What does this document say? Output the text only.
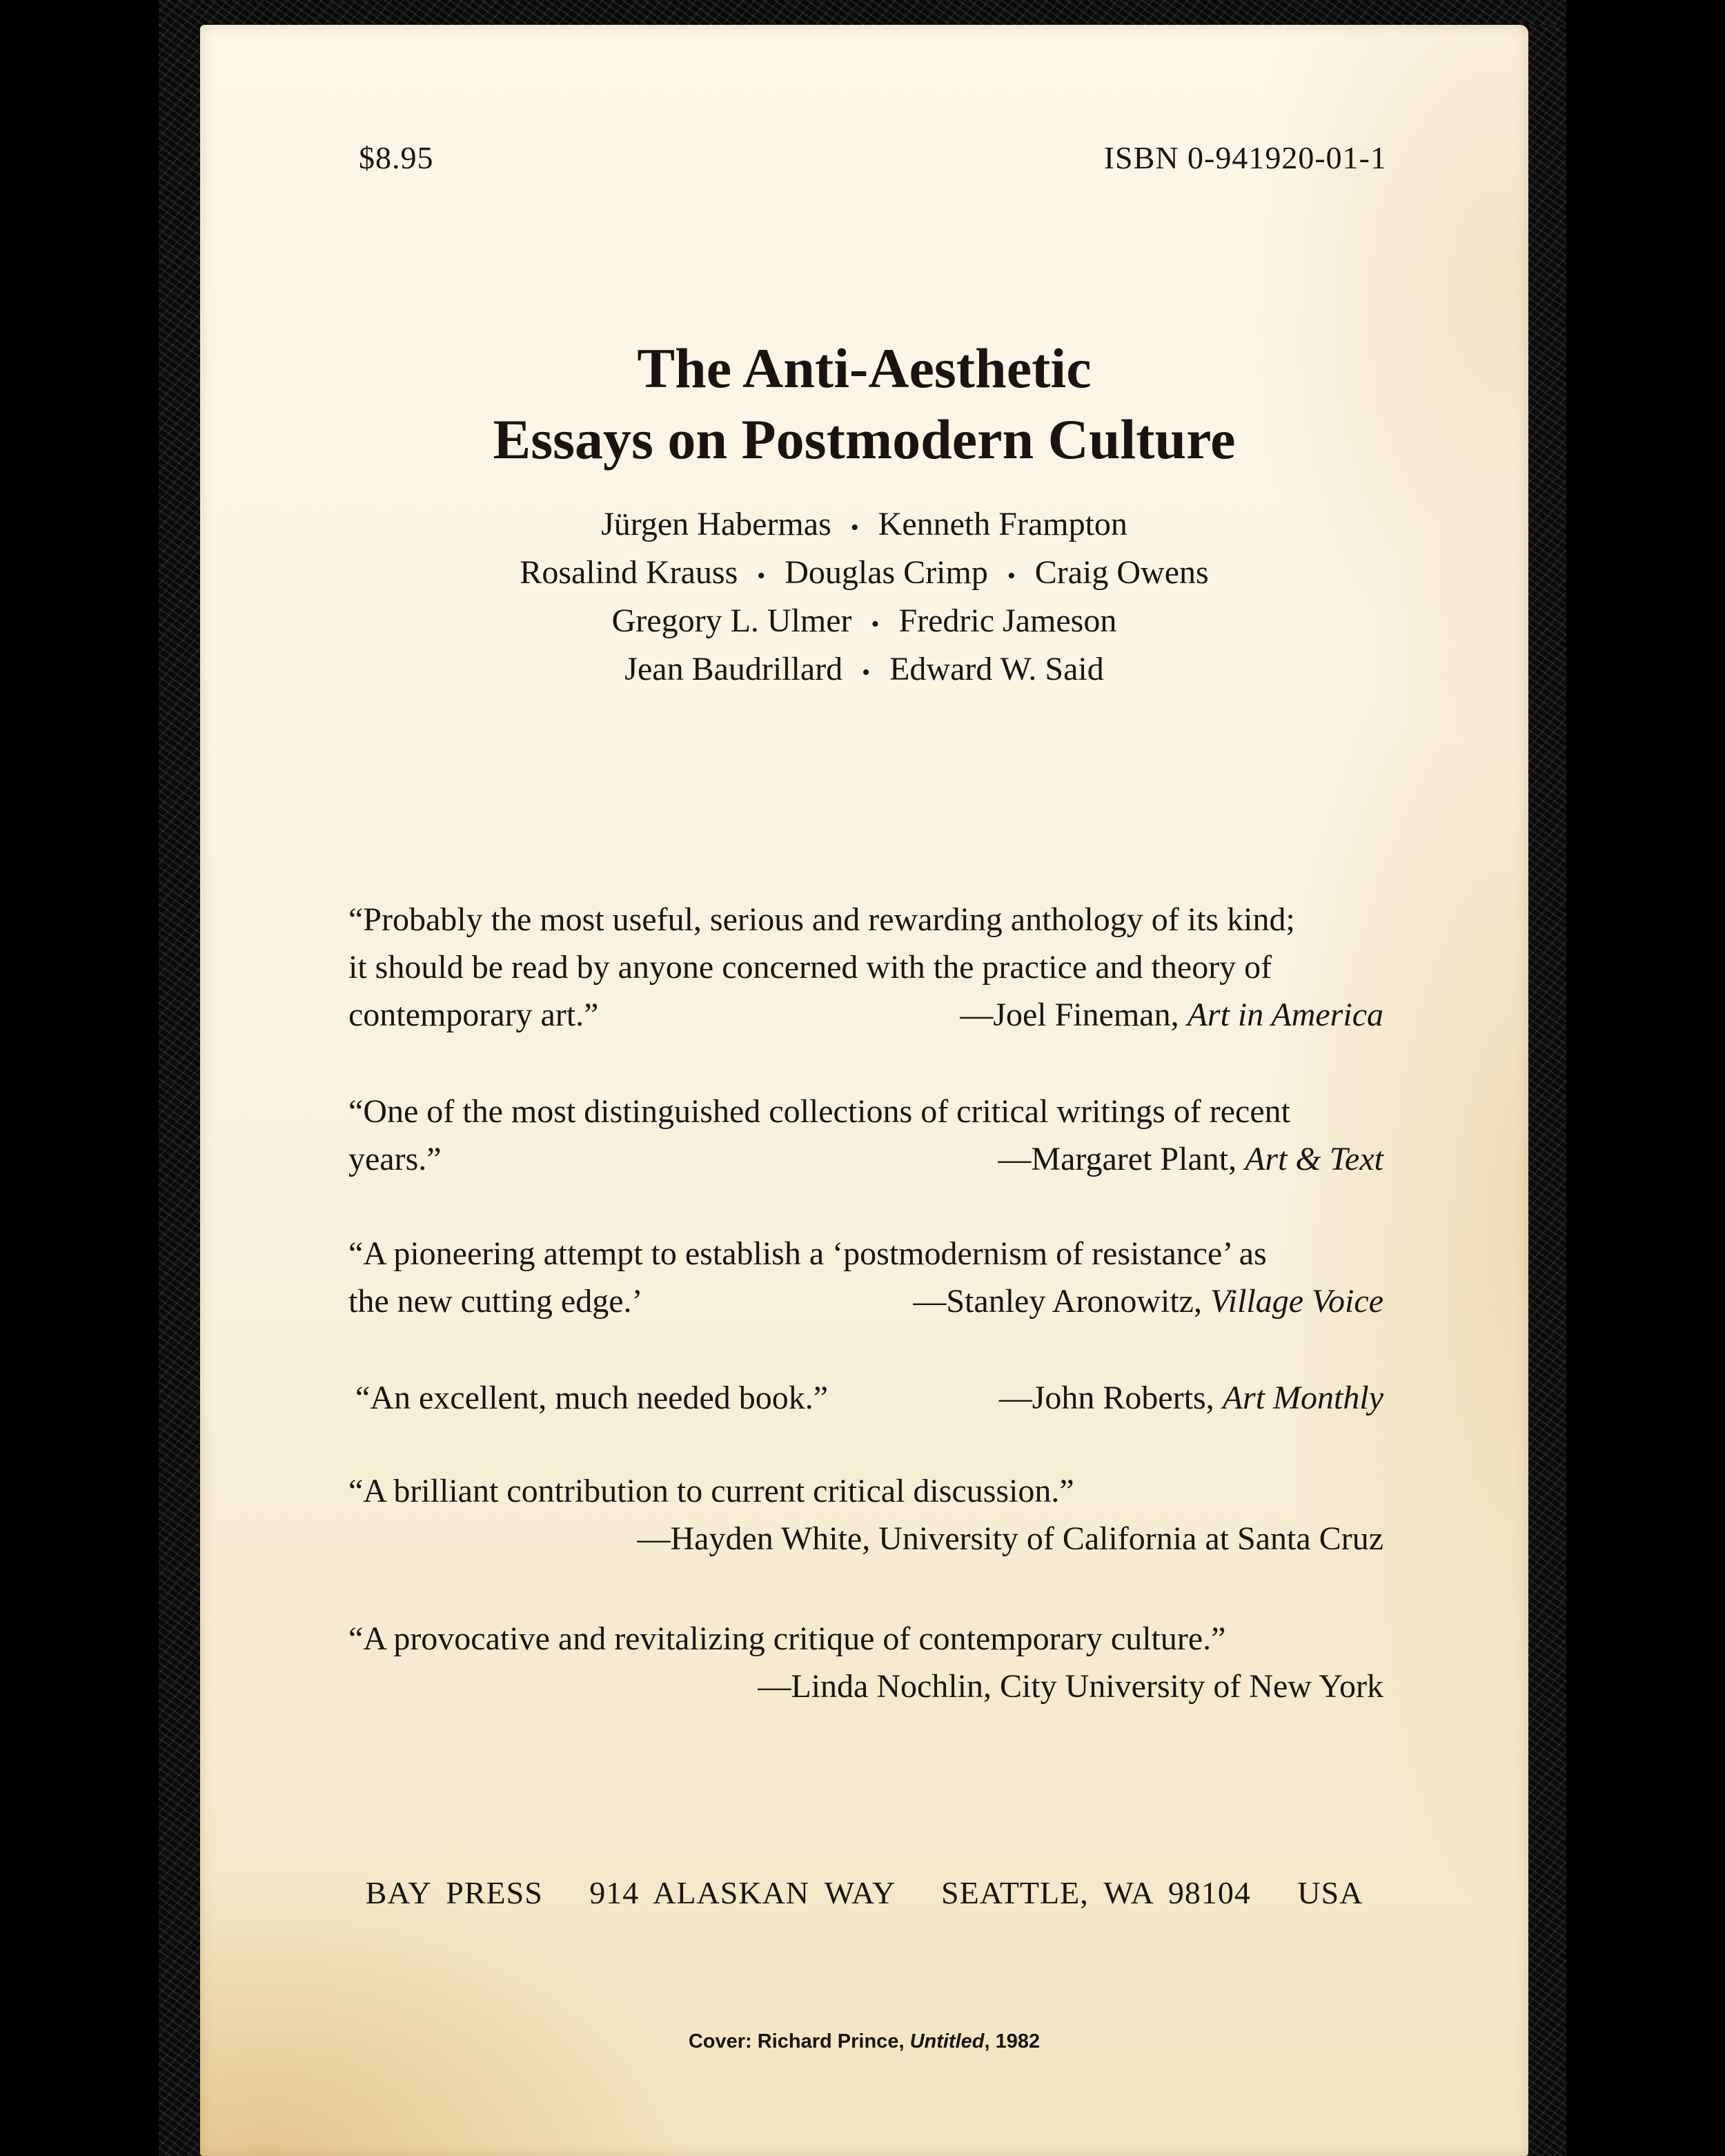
$8.95	ISBN 0-941920-01-1
The Anti-Aesthetic
Essays on Postmodern Culture
Jürgen Habermas • Kenneth Frampton
Rosalind Krauss • Douglas Crimp • Craig Owens
Gregory L. Ulmer • Fredric Jameson
Jean Baudrillard • Edward W. Said
“Probably the most useful, serious and rewarding anthology of its kind;
it should be read by anyone concerned with the practice and theory of
contemporary art.”	—Joel Fineman, Art in America
“One of the most distinguished collections of critical writings of recent
years.”	—Margaret Plant, Art & Text
“A pioneering attempt to establish a ‘postmodernism of resistance’ as
the new cutting edge.’	—Stanley Aronowitz, Village Voice
“An excellent, much needed book.”	—John Roberts, Art Monthly
“A brilliant contribution to current critical discussion.”
—Hayden White, University of California at Santa Cruz
“A provocative and revitalizing critique of contemporary culture.”
—Linda Nochlin, City University of New York
BAY PRESS   914 ALASKAN WAY   SEATTLE, WA 98104   USA
Cover: Richard Prince, Untitled, 1982
